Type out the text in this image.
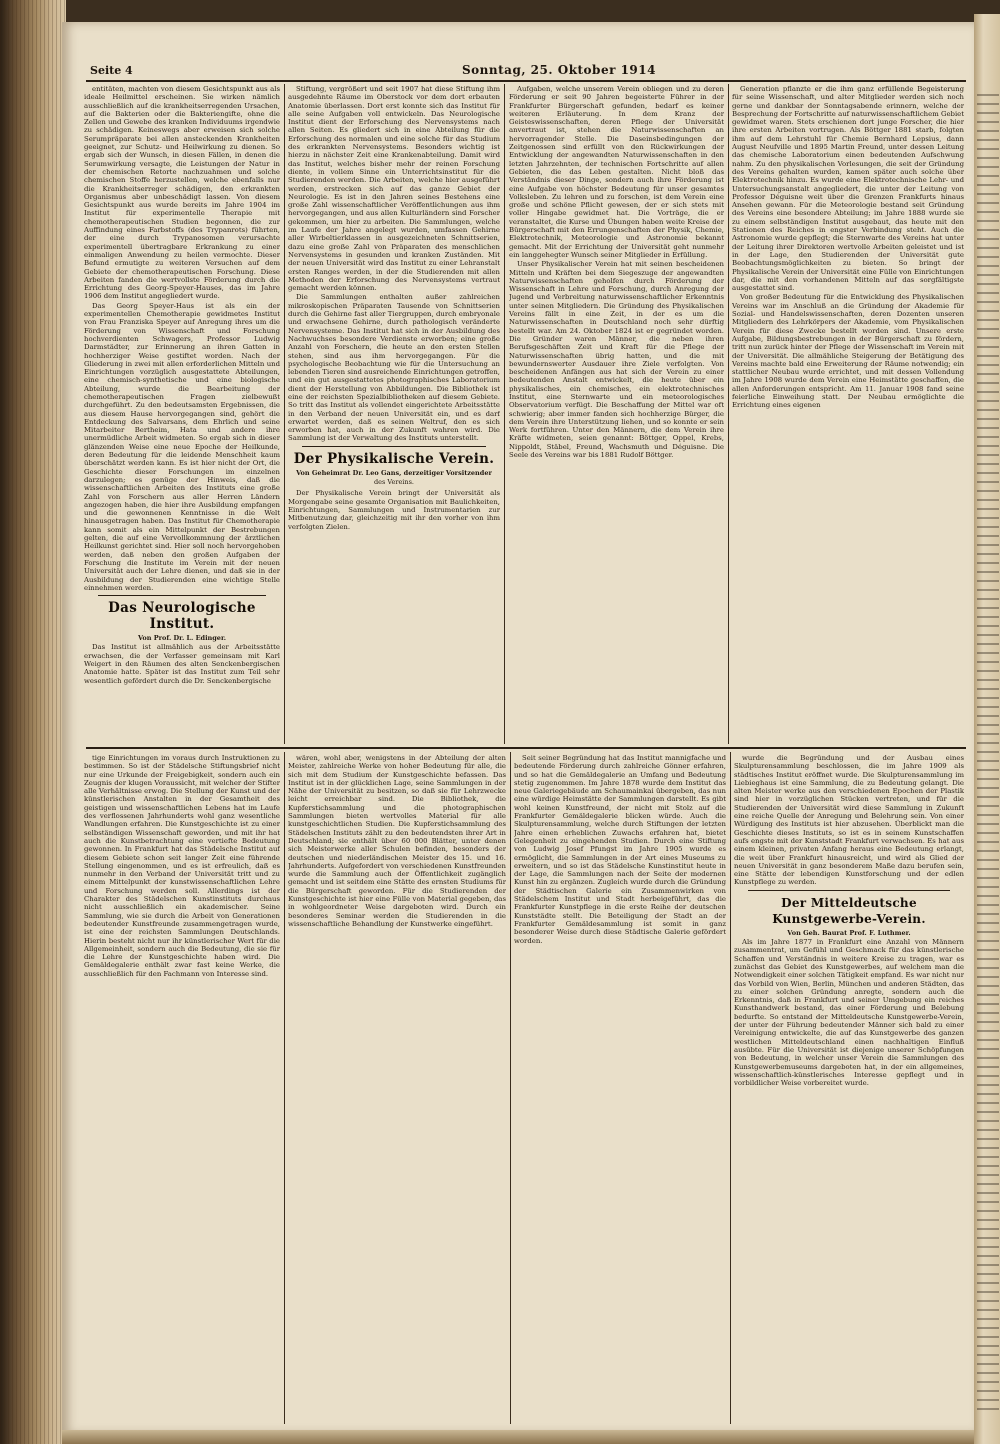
Seite 4	Sonntag, 25. Oktober 1914

entitäten, machten von diesem Gesichtspunkt aus als ideale Heilmittel erscheinen. Sie wirken nämlich ausschließlich auf die krankheitserregenden Ursachen, auf die Bakterien oder die Bakteriengifte, ohne die Zellen und Gewebe des kranken Individuums irgendwie zu schädigen. Keineswegs aber erweisen sich solche Serumpräparate bei allen ansteckenden Krankheiten geeignet, zur Schutz- und Heilwirkung zu dienen. So ergab sich der Wunsch, in diesen Fällen, in denen die Serumwirkung versagte, die Leistungen der Natur in der chemischen Retorte nachzuahmen und solche chemischen Stoffe herzustellen, welche ebenfalls nur die Krankheitserreger schädigen, den erkrankten Organismus aber unbeschädigt lassen. Von diesem Gesichtspunkt aus wurde bereits im Jahre 1904 im Institut für experimentelle Therapie mit chemotherapeutischen Studien begonnen, die zur Auffindung eines Farbstoffs (des Trypanrots) führten, der eine durch Trypanosomen verursachte experimentell übertragbare Erkrankung zu einer einmaligen Anwendung zu heilen vermochte. Dieser Befund ermutigte zu weiteren Versuchen auf dem Gebiete der chemotherapeutischen Forschung. Diese Arbeiten fanden die wertvollste Förderung durch die Errichtung des Georg-Speyer-Hauses, das im Jahre 1906 dem Institut angegliedert wurde.

Das Georg Speyer-Haus ist als ein der experimentellen Chemotherapie gewidmetes Institut von Frau Franziska Speyer auf Anregung ihres um die Förderung von Wissenschaft und Forschung hochverdienten Schwagers, Professor Ludwig Darmstädter, zur Erinnerung an ihren Gatten in hochherziger Weise gestiftet worden. Nach der Gliederung in zwei mit allen erforderlichen Mitteln und Einrichtungen vorzüglich ausgestattete Abteilungen, eine chemisch-synthetische und eine biologische Abteilung, wurde die Bearbeitung der chemotherapeutischen Fragen zielbewußt durchgeführt. Zu den bedeutsamsten Ergebnissen, die aus diesem Hause hervorgegangen sind, gehört die Entdeckung des Salvarsans, dem Ehrlich und seine Mitarbeiter Bertheim, Hata und andere ihre unermüdliche Arbeit widmeten. So ergab sich in dieser glänzenden Weise eine neue Epoche der Heilkunde, deren Bedeutung für die leidende Menschheit kaum überschätzt werden kann. Es ist hier nicht der Ort, die Geschichte dieser Forschungen im einzelnen darzulegen; es genüge der Hinweis, daß die wissenschaftlichen Arbeiten des Instituts eine große Zahl von Forschern aus aller Herren Ländern angezogen haben, die hier ihre Ausbildung empfangen und die gewonnenen Kenntnisse in die Welt hinausgetragen haben. Das Institut für Chemotherapie kann somit als ein Mittelpunkt der Bestrebungen gelten, die auf eine Vervollkommnung der ärztlichen Heilkunst gerichtet sind. Hier soll noch hervorgehoben werden, daß neben den großen Aufgaben der Forschung die Institute im Verein mit der neuen Universität auch der Lehre dienen, und daß sie in der Ausbildung der Studierenden eine wichtige Stelle einnehmen werden.

Das Neurologische Institut.
Von Prof. Dr. L. Edinger.

Das Institut ist allmählich aus der Arbeitsstätte erwachsen, die der Verfasser gemeinsam mit Karl Weigert in den Räumen des alten Senckenbergischen Anatomie hatte. Später ist das Institut zum Teil sehr wesentlich gefördert durch die Dr. Senckenbergische

Stiftung, vergrößert und seit 1907 hat diese Stiftung ihm ausgedehnte Räume im Oberstock vor dem dort erbauten Anatomie überlassen. Dort erst konnte sich das Institut für alle seine Aufgaben voll entwickeln. Das Neurologische Institut dient der Erforschung des Nervensystems nach allen Seiten. Es gliedert sich in eine Abteilung für die Erforschung des normalen und eine solche für das Studium des erkrankten Nervensystems. Besonders wichtig ist hierzu in nächster Zeit eine Krankenabteilung. Damit wird das Institut, welches bisher mehr der reinen Forschung diente, in vollem Sinne ein Unterrichtsinstitut für die Studierenden werden. Die Arbeiten, welche hier ausgeführt werden, erstrecken sich auf das ganze Gebiet der Neurologie. Es ist in den Jahren seines Bestehens eine große Zahl wissenschaftlicher Veröffentlichungen aus ihm hervorgegangen, und aus allen Kulturländern sind Forscher gekommen, um hier zu arbeiten. Die Sammlungen, welche im Laufe der Jahre angelegt wurden, umfassen Gehirne aller Wirbeltierklassen in ausgezeichneten Schnittserien, dazu eine große Zahl von Präparaten des menschlichen Nervensystems in gesunden und kranken Zuständen. Mit der neuen Universität wird das Institut zu einer Lehranstalt ersten Ranges werden, in der die Studierenden mit allen Methoden der Erforschung des Nervensystems vertraut gemacht werden können.

Die Sammlungen enthalten außer zahlreichen mikroskopischen Präparaten Tausende von Schnittserien durch die Gehirne fast aller Tiergruppen, durch embryonale und erwachsene Gehirne, durch pathologisch veränderte Nervensysteme. Das Institut hat sich in der Ausbildung des Nachwuchses besondere Verdienste erworben; eine große Anzahl von Forschern, die heute an den ersten Stellen stehen, sind aus ihm hervorgegangen. Für die psychologische Beobachtung wie für die Untersuchung an lebenden Tieren sind ausreichende Einrichtungen getroffen, und ein gut ausgestattetes photographisches Laboratorium dient der Herstellung von Abbildungen. Die Bibliothek ist eine der reichsten Spezialbibliotheken auf diesem Gebiete. So tritt das Institut als vollendet eingerichtete Arbeitsstätte in den Verband der neuen Universität ein, und es darf erwartet werden, daß es seinen Weltruf, den es sich erworben hat, auch in der Zukunft wahren wird. Die Sammlung ist der Verwaltung des Instituts unterstellt.

Der Physikalische Verein.
Von Geheimrat Dr. Leo Gans, derzeitiger Vorsitzender
des Vereins.

Der Physikalische Verein bringt der Universität als Morgengabe seine gesamte Organisation mit Baulichkeiten, Einrichtungen, Sammlungen und Instrumentarien zur Mitbenutzung dar, gleichzeitig mit ihr den vorher von ihm verfolgten Zielen.

Aufgaben, welche unserem Verein obliegen und zu deren Förderung er seit 90 Jahren begeisterte Führer in der Frankfurter Bürgerschaft gefunden, bedarf es keiner weiteren Erläuterung. In dem Kranz der Geisteswissenschaften, deren Pflege der Universität anvertraut ist, stehen die Naturwissenschaften an hervorragender Stelle. Die Daseinsbedingungen der Zeitgenossen sind erfüllt von den Rückwirkungen der Entwicklung der angewandten Naturwissenschaften in den letzten Jahrzehnten, der technischen Fortschritte auf allen Gebieten, die das Leben gestalten. Nicht bloß das Verständnis dieser Dinge, sondern auch ihre Förderung ist eine Aufgabe von höchster Bedeutung für unser gesamtes Volksleben. Zu lehren und zu forschen, ist dem Verein eine große und schöne Pflicht gewesen, der er sich stets mit voller Hingabe gewidmet hat. Die Vorträge, die er veranstaltet, die Kurse und Übungen haben weite Kreise der Bürgerschaft mit den Errungenschaften der Physik, Chemie, Elektrotechnik, Meteorologie und Astronomie bekannt gemacht. Mit der Errichtung der Universität geht nunmehr ein langgehegter Wunsch seiner Mitglieder in Erfüllung.

Unser Physikalischer Verein hat mit seinen bescheidenen Mitteln und Kräften bei dem Siegeszuge der angewandten Naturwissenschaften geholfen durch Förderung der Wissenschaft in Lehre und Forschung, durch Anregung der Jugend und Verbreitung naturwissenschaftlicher Erkenntnis unter seinen Mitgliedern. Die Gründung des Physikalischen Vereins fällt in eine Zeit, in der es um die Naturwissenschaften in Deutschland noch sehr dürftig bestellt war. Am 24. Oktober 1824 ist er gegründet worden. Die Gründer waren Männer, die neben ihren Berufsgeschäften Zeit und Kraft für die Pflege der Naturwissenschaften übrig hatten, und die mit bewundernswerter Ausdauer ihre Ziele verfolgten. Von bescheidenen Anfängen aus hat sich der Verein zu einer bedeutenden Anstalt entwickelt, die heute über ein physikalisches, ein chemisches, ein elektrotechnisches Institut, eine Sternwarte und ein meteorologisches Observatorium verfügt. Die Beschaffung der Mittel war oft schwierig; aber immer fanden sich hochherzige Bürger, die dem Verein ihre Unterstützung liehen, und so konnte er sein Werk fortführen. Unter den Männern, die dem Verein ihre Kräfte widmeten, seien genannt: Böttger, Oppel, Krebs, Nippoldt, Stäbel, Freund, Wachsmuth und Déguisne. Die Seele des Vereins war bis 1881 Rudolf Böttger.

Generation pflanzte er die ihm ganz erfüllende Begeisterung für seine Wissenschaft, und alter Mitglieder werden sich noch gerne und dankbar der Sonntagsabende erinnern, welche der Besprechung der Fortschritte auf naturwissenschaftlichem Gebiet gewidmet waren. Stets erschienen dort junge Forscher, die hier ihre ersten Arbeiten vortrugen. Als Böttger 1881 starb, folgten ihm auf dem Lehrstuhl für Chemie Bernhard Lepsius, dann August Neufville und 1895 Martin Freund, unter dessen Leitung das chemische Laboratorium einen bedeutenden Aufschwung nahm. Zu den physikalischen Vorlesungen, die seit der Gründung des Vereins gehalten wurden, kamen später auch solche über Elektrotechnik hinzu. Es wurde eine Elektrotechnische Lehr- und Untersuchungsanstalt angegliedert, die unter der Leitung von Professor Déguisne weit über die Grenzen Frankfurts hinaus Ansehen gewann. Für die Meteorologie bestand seit Gründung des Vereins eine besondere Abteilung; im Jahre 1888 wurde sie zu einem selbständigen Institut ausgebaut, das heute mit den Stationen des Reiches in engster Verbindung steht. Auch die Astronomie wurde gepflegt; die Sternwarte des Vereins hat unter der Leitung ihrer Direktoren wertvolle Arbeiten geleistet und ist in der Lage, den Studierenden der Universität gute Beobachtungsmöglichkeiten zu bieten. So bringt der Physikalische Verein der Universität eine Fülle von Einrichtungen dar, die mit den vorhandenen Mitteln auf das sorgfältigste ausgestattet sind.

Von großer Bedeutung für die Entwicklung des Physikalischen Vereins war im Anschluß an die Gründung der Akademie für Sozial- und Handelswissenschaften, deren Dozenten unseren Mitgliedern des Lehrkörpers der Akademie, vom Physikalischen Verein für diese Zwecke bestellt worden sind. Unsere erste Aufgabe, Bildungsbestrebungen in der Bürgerschaft zu fördern, tritt nun zurück hinter der Pflege der Wissenschaft im Verein mit der Universität. Die allmähliche Steigerung der Betätigung des Vereins machte bald eine Erweiterung der Räume notwendig; ein stattlicher Neubau wurde errichtet, und mit dessen Vollendung im Jahre 1908 wurde dem Verein eine Heimstätte geschaffen, die allen Anforderungen entspricht. Am 11. Januar 1908 fand seine feierliche Einweihung statt. Der Neubau ermöglichte die Errichtung eines eigenen

tige Einrichtungen im voraus durch Instruktionen zu bestimmen. So ist der Städelsche Stiftungsbrief nicht nur eine Urkunde der Freigebigkeit, sondern auch ein Zeugnis der klugen Voraussicht, mit welcher der Stifter alle Verhältnisse erwog. Die Stellung der Kunst und der künstlerischen Anstalten in der Gesamtheit des geistigen und wissenschaftlichen Lebens hat im Laufe des verflossenen Jahrhunderts wohl ganz wesentliche Wandlungen erfahren. Die Kunstgeschichte ist zu einer selbständigen Wissenschaft geworden, und mit ihr hat auch die Kunstbetrachtung eine vertiefte Bedeutung gewonnen. In Frankfurt hat das Städelsche Institut auf diesem Gebiete schon seit langer Zeit eine führende Stellung eingenommen, und es ist erfreulich, daß es nunmehr in den Verband der Universität tritt und zu einem Mittelpunkt der kunstwissenschaftlichen Lehre und Forschung werden soll. Allerdings ist der Charakter des Städelschen Kunstinstituts durchaus nicht ausschließlich ein akademischer. Seine Sammlung, wie sie durch die Arbeit von Generationen bedeutender Kunstfreunde zusammengetragen wurde, ist eine der reichsten Sammlungen Deutschlands. Hierin besteht nicht nur ihr künstlerischer Wert für die Allgemeinheit, sondern auch die Bedeutung, die sie für die Lehre der Kunstgeschichte haben wird. Die Gemäldegalerie enthält zwar fast keine Werke, die ausschließlich für den Fachmann von Interesse sind.

wären, wohl aber, wenigstens in der Abteilung der alten Meister, zahlreiche Werke von hoher Bedeutung für alle, die sich mit dem Studium der Kunstgeschichte befassen. Das Institut ist in der glücklichen Lage, seine Sammlungen in der Nähe der Universität zu besitzen, so daß sie für Lehrzwecke leicht erreichbar sind. Die Bibliothek, die Kupferstichsammlung und die photographischen Sammlungen bieten wertvolles Material für alle kunstgeschichtlichen Studien. Die Kupferstichsammlung des Städelschen Instituts zählt zu den bedeutendsten ihrer Art in Deutschland; sie enthält über 60 000 Blätter, unter denen sich Meisterwerke aller Schulen befinden, besonders der deutschen und niederländischen Meister des 15. und 16. Jahrhunderts. Aufgefordert von verschiedenen Kunstfreunden wurde die Sammlung auch der Öffentlichkeit zugänglich gemacht und ist seitdem eine Stätte des ernsten Studiums für die Bürgerschaft geworden. Für die Studierenden der Kunstgeschichte ist hier eine Fülle von Material gegeben, das in wohlgeordneter Weise dargeboten wird. Durch ein besonderes Seminar werden die Studierenden in die wissenschaftliche Behandlung der Kunstwerke eingeführt.

Seit seiner Begründung hat das Institut mannigfache und bedeutende Förderung durch zahlreiche Gönner erfahren, und so hat die Gemäldegalerie an Umfang und Bedeutung stetig zugenommen. Im Jahre 1878 wurde dem Institut das neue Galeriegebäude am Schaumainkai übergeben, das nun eine würdige Heimstätte der Sammlungen darstellt. Es gibt wohl keinen Kunstfreund, der nicht mit Stolz auf die Frankfurter Gemäldegalerie blicken würde. Auch die Skulpturensammlung, welche durch Stiftungen der letzten Jahre einen erheblichen Zuwachs erfahren hat, bietet Gelegenheit zu eingehenden Studien. Durch eine Stiftung von Ludwig Josef Pfungst im Jahre 1905 wurde es ermöglicht, die Sammlungen in der Art eines Museums zu erweitern, und so ist das Städelsche Kunstinstitut heute in der Lage, die Sammlungen nach der Seite der modernen Kunst hin zu ergänzen. Zugleich wurde durch die Gründung der Städtischen Galerie ein Zusammenwirken von Städelschem Institut und Stadt herbeigeführt, das die Frankfurter Kunstpflege in die erste Reihe der deutschen Kunststädte stellt. Die Beteiligung der Stadt an der Frankfurter Gemäldesammlung ist somit in ganz besonderer Weise durch diese Städtische Galerie gefördert worden.

wurde die Begründung und der Ausbau eines Skulpturensammlung beschlossen, die im Jahre 1909 als städtisches Institut eröffnet wurde. Die Skulpturensammlung im Liebieghaus ist eine Sammlung, die zu Bedeutung gelangt. Die alten Meister werke aus den verschiedenen Epochen der Plastik sind hier in vorzüglichen Stücken vertreten, und für die Studierenden der Universität wird diese Sammlung in Zukunft eine reiche Quelle der Anregung und Belehrung sein. Von einer Würdigung des Instituts ist hier abzusehen. Überblickt man die Geschichte dieses Instituts, so ist es in seinem Kunstschaffen aufs engste mit der Kunststadt Frankfurt verwachsen. Es hat aus einem kleinen, privaten Anfang heraus eine Bedeutung erlangt, die weit über Frankfurt hinausreicht, und wird als Glied der neuen Universität in ganz besonderem Maße dazu berufen sein, eine Stätte der lebendigen Kunstforschung und der edlen Kunstpflege zu werden.

Der Mitteldeutsche Kunstgewerbe-Verein.
Von Geh. Baurat Prof. F. Luthmer.

Als im Jahre 1877 in Frankfurt eine Anzahl von Männern zusammentrat, um Gefühl und Geschmack für das künstlerische Schaffen und Verständnis in weitere Kreise zu tragen, war es zunächst das Gebiet des Kunstgewerbes, auf welchem man die Notwendigkeit einer solchen Tätigkeit empfand. Es war nicht nur das Vorbild von Wien, Berlin, München und anderen Städten, das zu einer solchen Gründung anregte, sondern auch die Erkenntnis, daß in Frankfurt und seiner Umgebung ein reiches Kunsthandwerk bestand, das einer Förderung und Belebung bedurfte. So entstand der Mitteldeutsche Kunstgewerbe-Verein, der unter der Führung bedeutender Männer sich bald zu einer Vereinigung entwickelte, die auf das Kunstgewerbe des ganzen westlichen Mitteldeutschland einen nachhaltigen Einfluß ausübte. Für die Universität ist diejenige unserer Schöpfungen von Bedeutung, in welcher unser Verein die Sammlungen des Kunstgewerbemuseums dargeboten hat, in der ein allgemeines, wissenschaftlich-künstlerisches Interesse gepflegt und in vorbildlicher Weise vorbereitet wurde.
